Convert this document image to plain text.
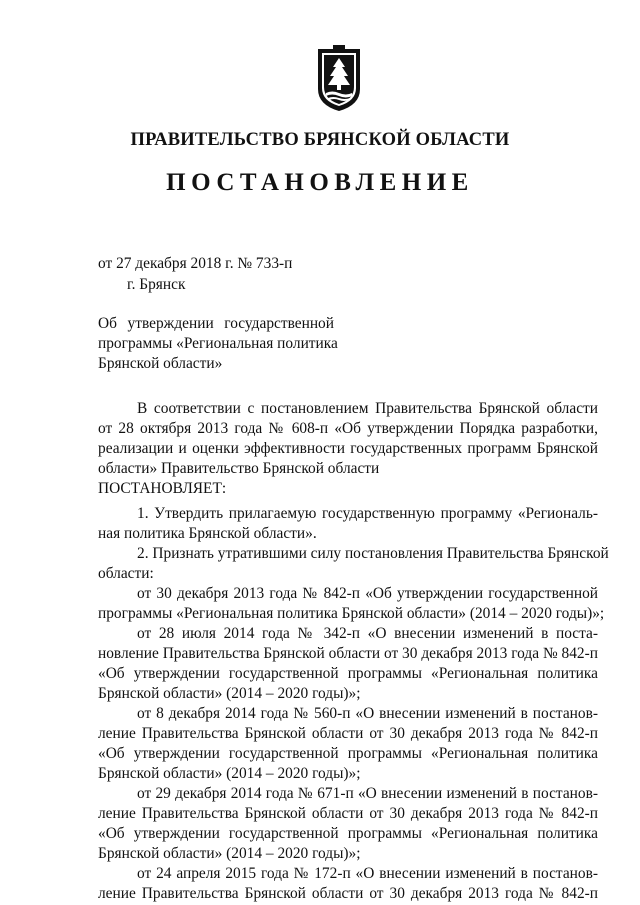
ПРАВИТЕЛЬСТВО БРЯНСКОЙ ОБЛАСТИ
ПОСТАНОВЛЕНИЕ
от 27 декабря 2018 г. № 733-п
г. Брянск
Об утверждении государственной
программы «Региональная политика
Брянской области»
В соответствии с постановлением Правительства Брянской области
от 28 октября 2013 года № 608-п «Об утверждении Порядка разработки,
реализации и оценки эффективности государственных программ Брянской
области» Правительство Брянской области
ПОСТАНОВЛЯЕТ:
1. Утвердить прилагаемую государственную программу «Региональ-
ная политика Брянской области».
2. Признать утратившими силу постановления Правительства Брянской
области:
от 30 декабря 2013 года № 842-п «Об утверждении государственной
программы «Региональная политика Брянской области» (2014 – 2020 годы)»;
от 28 июля 2014 года № 342-п «О внесении изменений в поста-
новление Правительства Брянской области от 30 декабря 2013 года № 842-п
«Об утверждении государственной программы «Региональная политика
Брянской области» (2014 – 2020 годы)»;
от 8 декабря 2014 года № 560-п «О внесении изменений в постанов-
ление Правительства Брянской области от 30 декабря 2013 года № 842-п
«Об утверждении государственной программы «Региональная политика
Брянской области» (2014 – 2020 годы)»;
от 29 декабря 2014 года № 671-п «О внесении изменений в постанов-
ление Правительства Брянской области от 30 декабря 2013 года № 842-п
«Об утверждении государственной программы «Региональная политика
Брянской области» (2014 – 2020 годы)»;
от 24 апреля 2015 года № 172-п «О внесении изменений в постанов-
ление Правительства Брянской области от 30 декабря 2013 года № 842-п
